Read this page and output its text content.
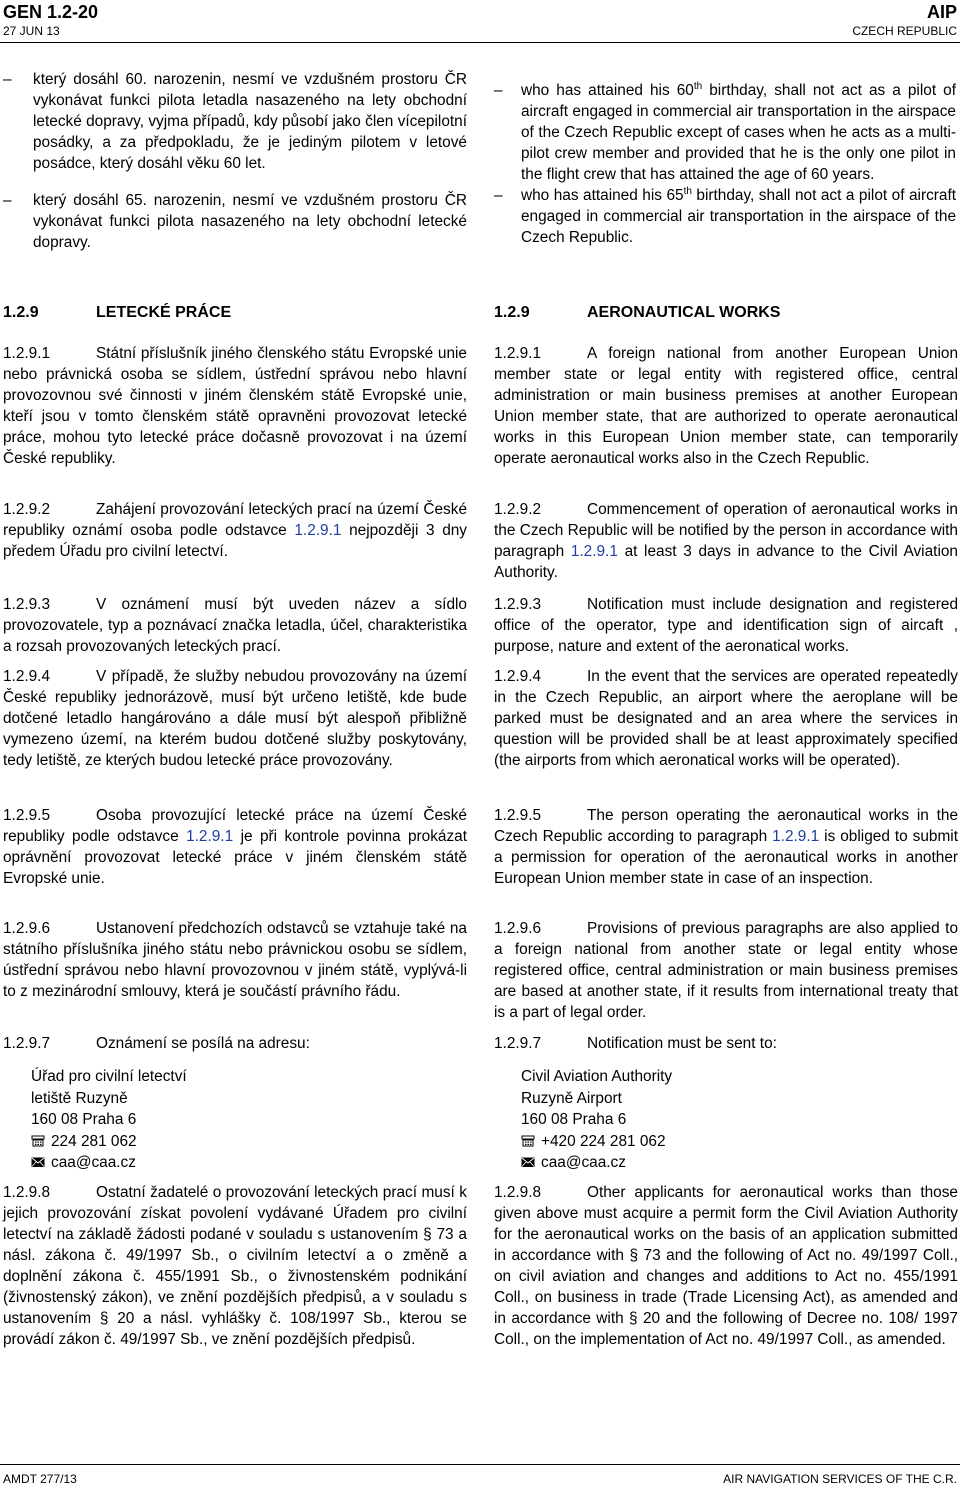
GEN 1.2-20
27 JUN 13
AIP
CZECH REPUBLIC
– který dosáhl 60. narozenin, nesmí ve vzdušném prostoru ČR vykonávat funkci pilota letadla nasazeného na lety obchodní letecké dopravy, vyjma případů, kdy působí jako člen vícepilotní posádky, a za předpokladu, že je jediným pilotem v letové posádce, který dosáhl věku 60 let.
– který dosáhl 65. narozenin, nesmí ve vzdušném prostoru ČR vykonávat funkci pilota nasazeného na lety obchodní letecké dopravy.
– who has attained his 60th birthday, shall not act as a pilot of aircraft engaged in commercial air transportation in the airspace of the Czech Republic except of cases when he acts as a multi-pilot crew member and provided that he is the only one pilot in the flight crew that has attained the age of 60 years.
– who has attained his 65th birthday, shall not act a pilot of aircraft engaged in commercial air transportation in the airspace of the Czech Republic.
1.2.9	LETECKÉ PRÁCE	1.2.9	AERONAUTICAL WORKS
1.2.9.1	Státní příslušník jiného členského státu Evropské unie nebo právnická osoba se sídlem, ústřední správou nebo hlavní provozovnou své činnosti v jiném členském státě Evropské unie, kteří jsou v tomto členském státě opravněni provozovat letecké práce, mohou tyto letecké práce dočasně provozovat i na území České republiky.
1.2.9.2	Zahájení provozování leteckých prací na území České republiky oznámí osoba podle odstavce 1.2.9.1 nejpozději 3 dny předem Úřadu pro civilní letectví.
1.2.9.3	V oznámení musí být uveden název a sídlo provozovatele, typ a poznávací značka letadla, účel, charakteristika a rozsah provozovaných leteckých prací.
1.2.9.4	V případě, že služby nebudou provozovány na území České republiky jednorázově, musí být určeno letiště, kde bude dotčené letadlo hangárováno a dále musí být alespoň přibližně vymezeno území, na kterém budou dotčené služby poskytovány, tedy letiště, ze kterých budou letecké práce provozovány.
1.2.9.5	Osoba provozující letecké práce na území České republiky podle odstavce 1.2.9.1 je při kontrole povinna prokázat oprávnění provozovat letecké práce v jiném členském státě Evropské unie.
1.2.9.6	Ustanovení předchozích odstavců se vztahuje také na státního příslušníka jiného státu nebo právnickou osobu se sídlem, ústřední správou nebo hlavní provozovnou v jiném státě, vyplývá-li to z mezinárodní smlouvy, která je součástí právního řádu.
1.2.9.7	Oznámení se posílá na adresu:
Úřad pro civilní letectví
letiště Ruzyně
160 08 Praha 6
224 281 062
caa@caa.cz
1.2.9.8	Ostatní žadatelé o provozování leteckých prací musí k jejich provozování získat povolení vydávané Úřadem pro civilní letectví na základě žádosti podané v souladu s ustanovením § 73 a násl. zákona č. 49/1997 Sb., o civilním letectví a o změně a doplnění zákona č. 455/1991 Sb., o živnostenském podnikání (živnostenský zákon), ve znění pozdějších předpisů, a v souladu s ustanovením § 20 a násl. vyhlášky č. 108/1997 Sb., kterou se provádí zákon č. 49/1997 Sb., ve znění pozdějších předpisů.
1.2.9.1	A foreign national from another European Union member state or legal entity with registered office, central administration or main business premises at another European Union member state, that are authorized to operate aeronautical works in this European Union member state, can temporarily operate aeronautical works also in the Czech Republic.
1.2.9.2	Commencement of operation of aeronautical works in the Czech Republic will be notified by the person in accordance with paragraph 1.2.9.1 at least 3 days in advance to the Civil Aviation Authority.
1.2.9.3	Notification must include designation and registered office of the operator, type and identification sign of aircaft , purpose, nature and extent of the aeronatical works.
1.2.9.4	In the event that the services are operated repeatedly in the Czech Republic, an airport where the aeroplane will be parked must be designated and an area where the services in question will be provided shall be at least approximately specified (the airports from which aeronatical works will be operated).
1.2.9.5	The person operating the aeronautical works in the Czech Republic according to paragraph 1.2.9.1 is obliged to submit a permission for operation of the aeronautical works in another European Union member state in case of an inspection.
1.2.9.6	Provisions of previous paragraphs are also applied to a foreign national from another state or legal entity whose registered office, central administration or main business premises are based at another state, if it results from international treaty that is a part of legal order.
1.2.9.7	Notification must be sent to:
Civil Aviation Authority
Ruzyně Airport
160 08 Praha 6
+420 224 281 062
caa@caa.cz
1.2.9.8	Other applicants for aeronautical works than those given above must acquire a permit form the Civil Aviation Authority for the aeronautical works on the basis of an application submitted in accordance with § 73 and the following of Act no. 49/1997 Coll., on civil aviation and changes and additions to Act no. 455/1991 Coll., on business in trade (Trade Licensing Act), as amended and in accordance with § 20 and the following of Decree no. 108/ 1997 Coll., on the implementation of Act no. 49/1997 Coll., as amended.
AMDT 277/13	AIR NAVIGATION SERVICES OF THE C.R.
